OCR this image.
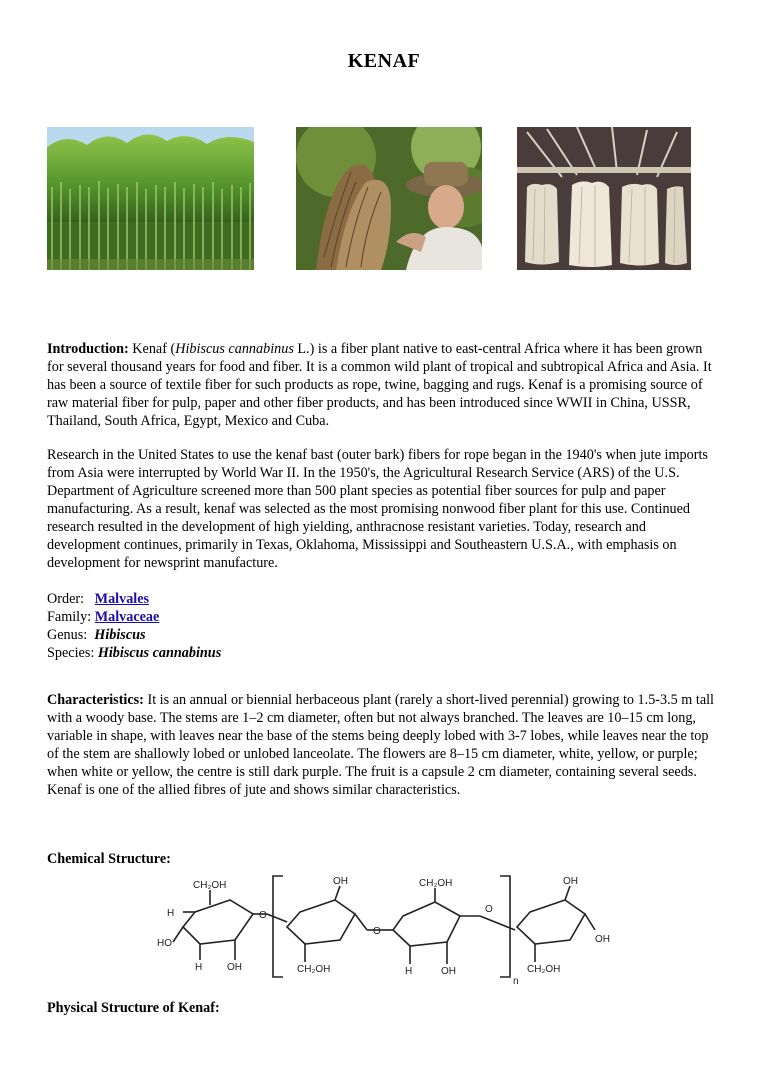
KENAF

Introduction: Kenaf (Hibiscus cannabinus L.) is a fiber plant native to east-central Africa where it has been grown for several thousand years for food and fiber. It is a common wild plant of tropical and subtropical Africa and Asia. It has been a source of textile fiber for such products as rope, twine, bagging and rugs. Kenaf is a promising source of raw material fiber for pulp, paper and other fiber products, and has been introduced since WWII in China, USSR, Thailand, South Africa, Egypt, Mexico and Cuba.

Research in the United States to use the kenaf bast (outer bark) fibers for rope began in the 1940's when jute imports from Asia were interrupted by World War II. In the 1950's, the Agricultural Research Service (ARS) of the U.S. Department of Agriculture screened more than 500 plant species as potential fiber sources for pulp and paper manufacturing. As a result, kenaf was selected as the most promising nonwood fiber plant for this use. Continued research resulted in the development of high yielding, anthracnose resistant varieties. Today, research and development continues, primarily in Texas, Oklahoma, Mississippi and Southeastern U.S.A., with emphasis on development for newsprint manufacture.

Order: Malvales
Family: Malvaceae
Genus: Hibiscus
Species: Hibiscus cannabinus

Characteristics: It is an annual or biennial herbaceous plant (rarely a short-lived perennial) growing to 1.5-3.5 m tall with a woody base. The stems are 1–2 cm diameter, often but not always branched. The leaves are 10–15 cm long, variable in shape, with leaves near the base of the stems being deeply lobed with 3-7 lobes, while leaves near the top of the stem are shallowly lobed or unlobed lanceolate. The flowers are 8–15 cm diameter, white, yellow, or purple; when white or yellow, the centre is still dark purple. The fruit is a capsule 2 cm diameter, containing several seeds. Kenaf is one of the allied fibres of jute and shows similar characteristics.

Chemical Structure:
CH₂OH
H
HO
H OH
O
OH
CH₂OH
O
CH₂OH
H	OH
O
n
OH
CH₂OH
OH
Physical Structure of Kenaf:
